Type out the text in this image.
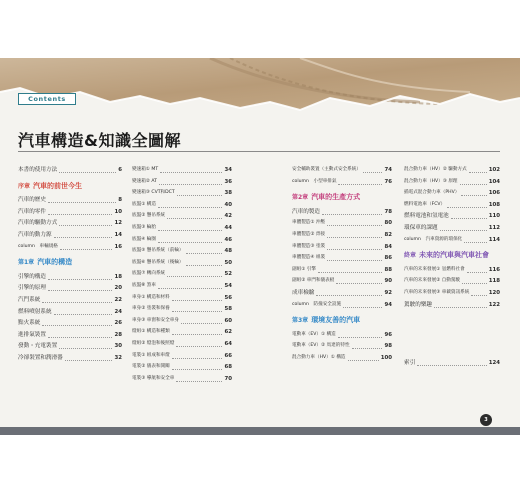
Contents
汽車構造&知識全圖解
本書的使用方法	6
序章 汽車的前世今生
汽車的歷史	8
汽車的零件	10
汽車的驅動方式	12
汽車的動力源	14
column　車輛規格	16
第1章 汽車的構造
引擎的構造	18
引擎的原理	20
汽門系統	22
燃料噴射系統	24
點火系統	26
進排氣裝置	28
發動・充電裝置	30
冷卻裝置和潤滑器	32
變速箱① MT	34
變速箱② AT	36
變速箱③ CVT和DCT	38
底盤① 構造	40
底盤② 懸吊系統	42
底盤③ 輪胎	44
底盤④ 輪圈	46
底盤⑤ 懸吊系統（前輪）	48
底盤⑥ 懸吊系統（後輪）	50
底盤⑦ 轉向系統	52
底盤⑧ 煞車	54
車身① 構造和材料	56
車身② 塗裝和保養	58
車身③ 車窗和安全車身	60
燈組① 構造和種類	62
燈組② 燈泡和後照燈	64
電裝① 組成和車燈	66
電裝② 儀表和開關	68
電裝③ 導航和安全車	70
安全輔助裝置（主動式安全系統）	74
column　小型車排氣	76
第2章 汽車的生產方式
汽車的製造	78
車體製造① 沖壓	80
車體製造② 焊接	82
車體製造③ 塗裝	84
車體製造④ 組裝	86
副組① 引擎	88
副組② 車門和儀表板	90
成車檢驗	92
column　防撞安全設施	94
第3章 環境友善的汽車
電動車（EV）① 構造	96
電動車（EV）② 馬達的特性	98
混合動力車（HV）① 構造	100
混合動力車（HV）② 驅動方式	102
混合動力車（HV）③ 原理	104
插電式混合動力車（PHV）	106
燃料電池車（FCV）	108
燃料電池和氫電池	110
環保車的課題	112
column　汽車資源的環保化	114
終章 未來的汽車與汽車社會
汽車的未來發展① 氫燃料社會	116
汽車的未來發展② 自動駕駛	118
汽車的未來發展③ 車載資訊系統	120
駕駛的樂趣	122
索引	124
3
